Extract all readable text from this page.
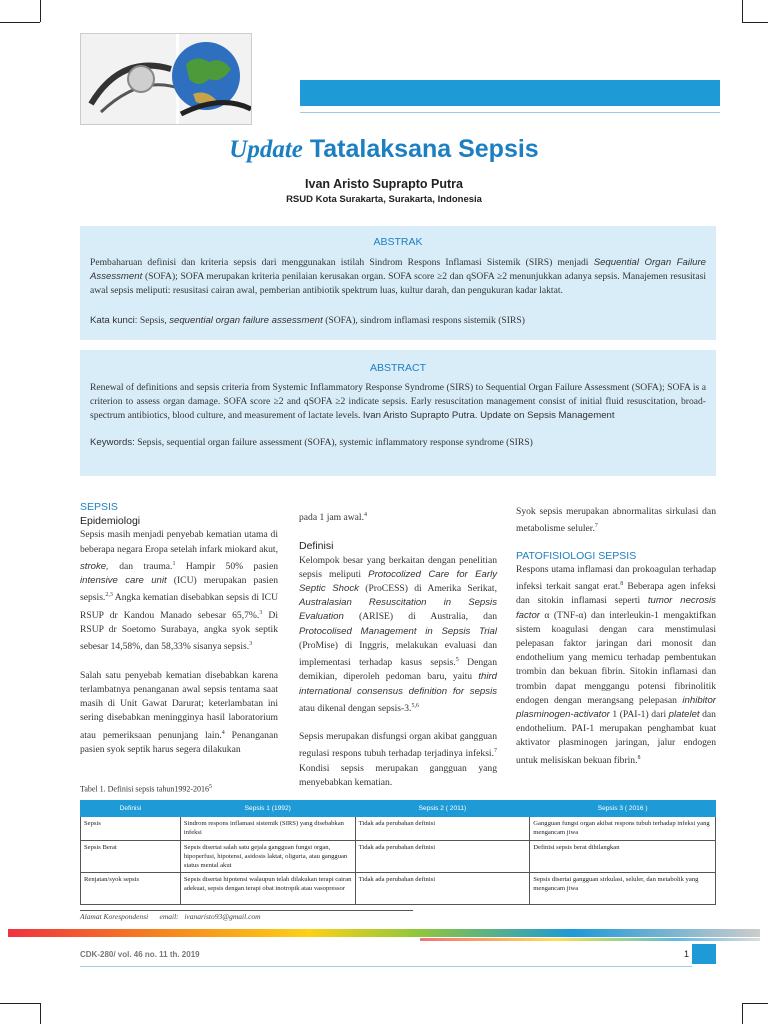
Update Tatalaksana Sepsis
Ivan Aristo Suprapto Putra
RSUD Kota Surakarta, Surakarta, Indonesia
ABSTRAK
Pembaharuan definisi dan kriteria sepsis dari menggunakan istilah Sindrom Respons Inflamasi Sistemik (SIRS) menjadi Sequential Organ Failure Assessment (SOFA); SOFA merupakan kriteria penilaian kerusakan organ. SOFA score ≥2 dan qSOFA ≥2 menunjukkan adanya sepsis. Manajemen resusitasi awal sepsis meliputi: resusitasi cairan awal, pemberian antibiotik spektrum luas, kultur darah, dan pengukuran kadar laktat.
Kata kunci: Sepsis, sequential organ failure assessment (SOFA), sindrom inflamasi respons sistemik (SIRS)
ABSTRACT
Renewal of definitions and sepsis criteria from Systemic Inflammatory Response Syndrome (SIRS) to Sequential Organ Failure Assessment (SOFA); SOFA is a criterion to assess organ damage. SOFA score ≥2 and qSOFA ≥2 indicate sepsis. Early resuscitation management consist of initial fluid resuscitation, broad-spectrum antibiotics, blood culture, and measurement of lactate levels. Ivan Aristo Suprapto Putra. Update on Sepsis Management
Keywords: Sepsis, sequential organ failure assessment (SOFA), systemic inflammatory response syndrome (SIRS)
SEPSIS
Epidemiologi

Sepsis masih menjadi penyebab kematian utama di beberapa negara Eropa setelah infark miokard akut, stroke, dan trauma.$^1$ Hampir 50% pasien intensive care unit (ICU) merupakan pasien sepsis.$^{2,3}$ Angka kematian disebabkan sepsis di ICU RSUP dr Kandou Manado sebesar 65,7%.$^3$ Di RSUP dr Soetomo Surabaya, angka syok septik sebesar 14,58%, dan 58,33% sisanya sepsis.$^3$

Salah satu penyebab kematian disebabkan karena terlambatnya penanganan awal sepsis tentama saat masih di Unit Gawat Darurat; keterlambatan ini sering disebabkan meningginya hasil laboratorium atau pemeriksaan penunjang lain.$^4$ Penanganan pasien syok septik harus segera dilakukan

pada 1 jam awal.$^4$

Definisi

Kelompok besar yang berkaitan dengan penelitian sepsis meliputi Protocolized Care for Early Septic Shock (ProCESS) di Amerika Serikat, Australasian Resuscitation in Sepsis Evaluation (ARISE) di Australia, dan Protocolised Management in Sepsis Trial (ProMise) di Inggris, melakukan evaluasi dan implementasi terhadap kasus sepsis.$^5$ Dengan demikian, diperoleh pedoman baru, yaitu third international consensus definition for sepsis atau dikenal dengan sepsis-3.$^{5,6}$

Sepsis merupakan disfungsi organ akibat gangguan regulasi respons tubuh terhadap terjadinya infeksi.$^7$ Kondisi sepsis merupakan gangguan yang menyebabkan kematian.

Syok sepsis merupakan abnormalitas sirkulasi dan metabolisme seluler.$^7$

PATOFISIOLOGI SEPSIS

Respons utama inflamasi dan prokoagulan terhadap infeksi terkait sangat erat.$^8$ Beberapa agen infeksi dan sitokin inflamasi seperti tumor necrosis factor α (TNF-α) dan interleukin-1 mengaktifkan sistem koagulasi dengan cara menstimulasi pelepasan faktor jaringan dari monosit dan endothelium yang memicu terhadap pembentukan trombin dan bekuan fibrin. Sitokin inflamasi dan trombin dapat menggangu potensi fibrinolitik endogen dengan merangsang pelepasan inhibitor plasminogen-activator 1 (PAI-1) dari platelet dan endothelium. PAI-1 merupakan penghambat kuat aktivator plasminogen jaringan, jalur endogen untuk melisiskan bekuan fibrin.$^8$

Tabel 1. Definisi sepsis tahun1992-2016$^5$
Definisi	Sepsis 1 (1992)	Sepsis 2 ( 2011)	Sepsis 3 ( 2016 )
Sepsis	Sindrom respons inflamasi sistemik (SIRS) yang disebabkan infeksi	Tidak ada perubahan definisi	Gangguan fungsi organ akibat respons tubuh terhadap infeksi yang mengancam jiwa
Sepsis Berat	Sepsis disertai salah satu gejala gangguan fungsi organ, hipoperfusi, hipotensi, asidosis laktat, oliguria, atau gangguan status mental akut	Tidak ada perubahan definisi	Definisi sepsis berat dihilangkan
Renjatan/syok sepsis	Sepsis disertai hipotensi walaupun telah dilakukan terapi cairan adekuat, sepsis dengan terapi obat inotropik atau vasopressor	Tidak ada perubahan definisi	Sepsis disertai gangguan sirkulasi, seluler, dan metabolik yang mengancam jiwa
Alamat Korespondensi email: ivanaristo93@gmail.com
CDK-280/ vol. 46 no. 11 th. 2019	1
